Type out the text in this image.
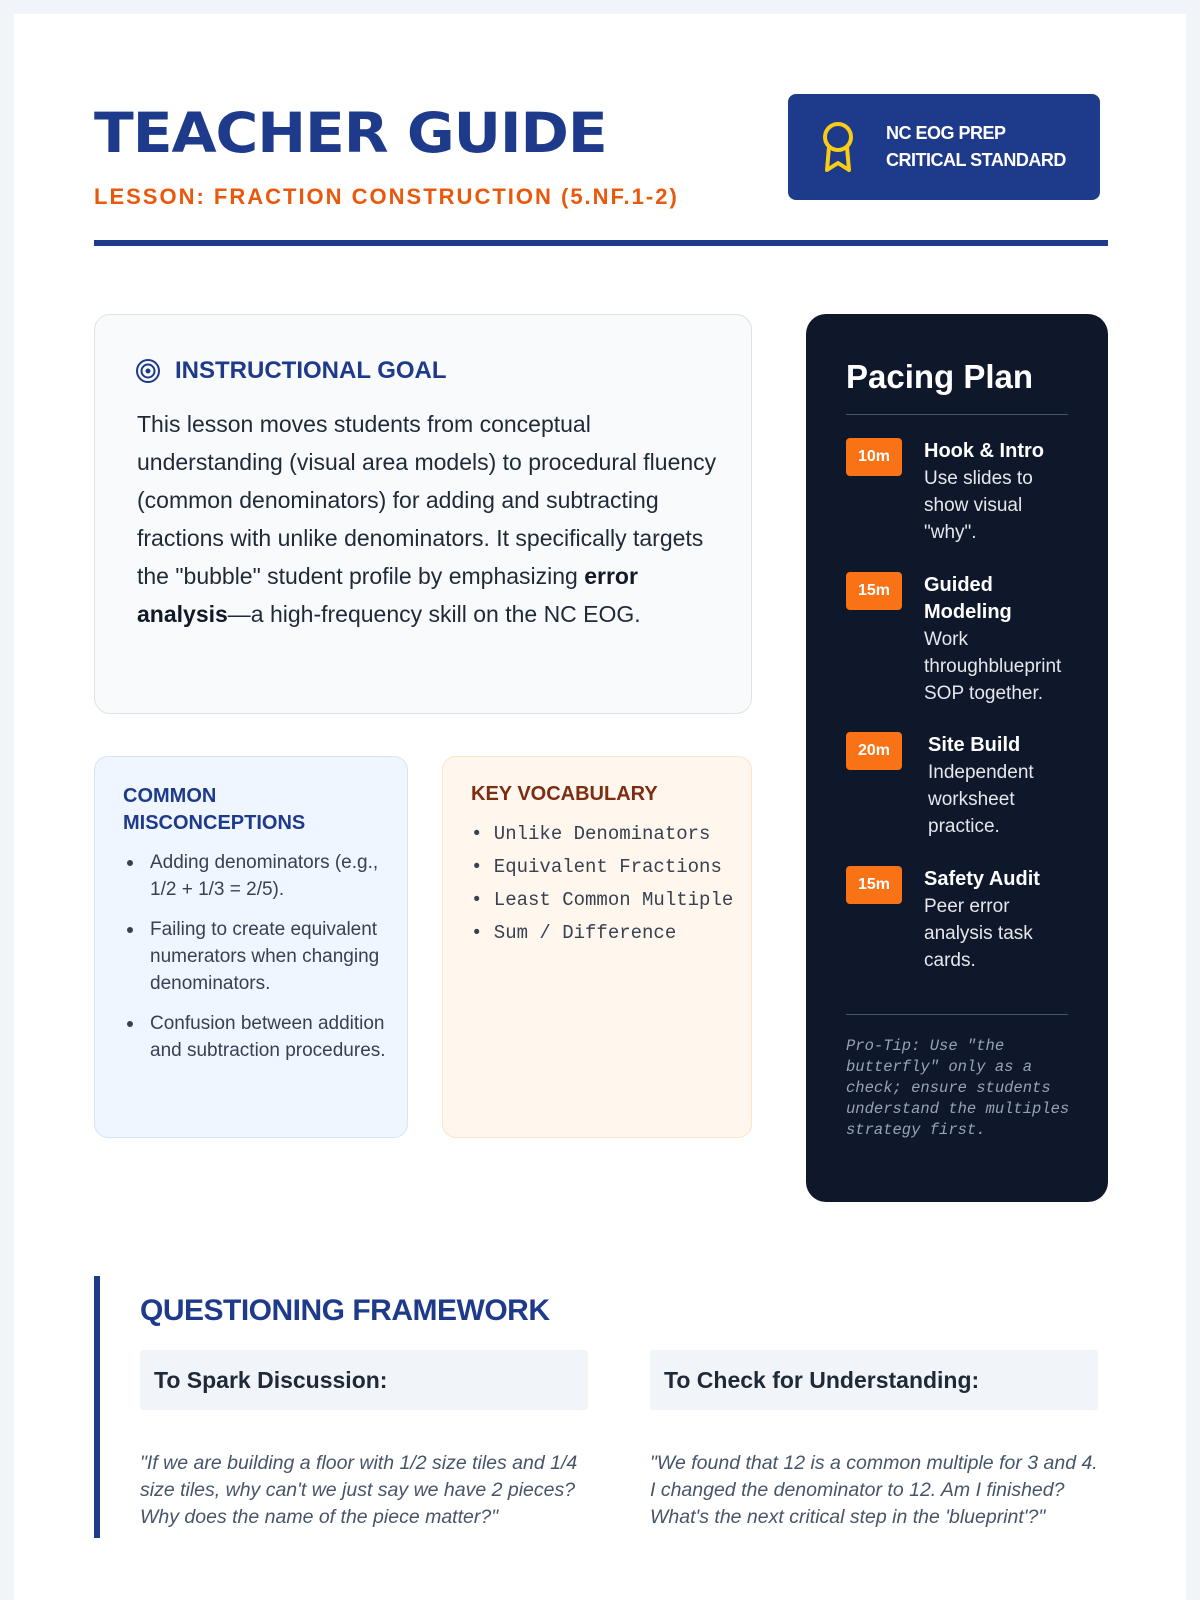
TEACHER GUIDE
LESSON: FRACTION CONSTRUCTION (5.NF.1-2)
NC EOG PREP
CRITICAL STANDARD
INSTRUCTIONAL GOAL
This lesson moves students from conceptual understanding (visual area models) to procedural fluency (common denominators) for adding and subtracting fractions with unlike denominators. It specifically targets the "bubble" student profile by emphasizing error analysis—a high-frequency skill on the NC EOG.
COMMON MISCONCEPTIONS
Adding denominators (e.g., 1/2 + 1/3 = 2/5).
Failing to create equivalent numerators when changing denominators.
Confusion between addition and subtraction procedures.
KEY VOCABULARY
• Unlike Denominators
• Equivalent Fractions
• Least Common Multiple
• Sum / Difference
Pacing Plan
10m	Hook & Intro
Use slides to show visual "why".
15m	Guided Modeling
Work throughblueprint SOP together.
20m	Site Build
Independent worksheet practice.
15m	Safety Audit
Peer error analysis task cards.
Pro-Tip: Use "the butterfly" only as a check; ensure students understand the multiples strategy first.
QUESTIONING FRAMEWORK
To Spark Discussion:
"If we are building a floor with 1/2 size tiles and 1/4 size tiles, why can't we just say we have 2 pieces? Why does the name of the piece matter?"
To Check for Understanding:
"We found that 12 is a common multiple for 3 and 4. I changed the denominator to 12. Am I finished? What's the next critical step in the 'blueprint'?"
